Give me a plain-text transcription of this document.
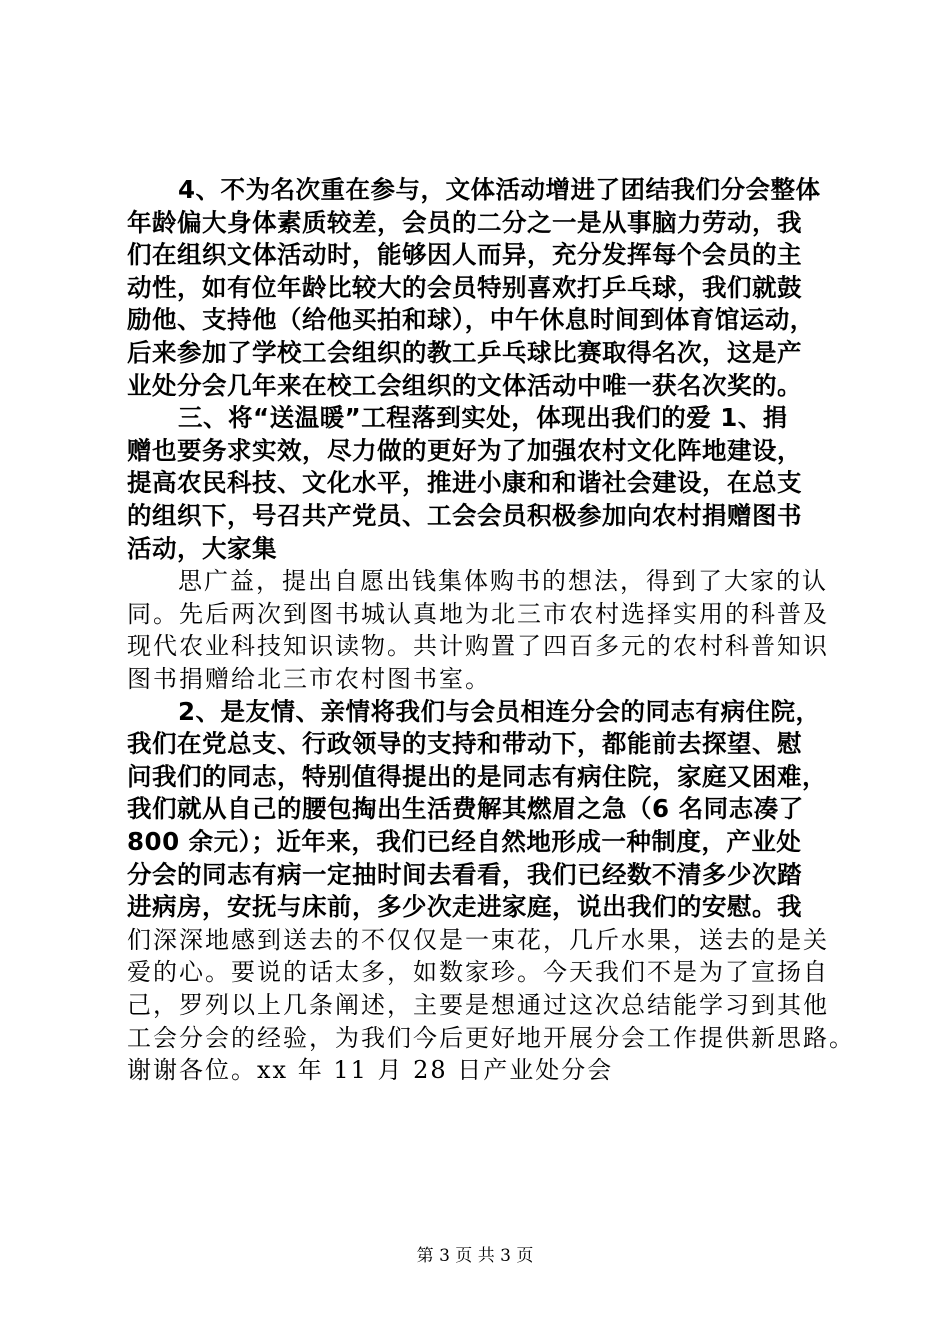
4、不为名次重在参与，文体活动增进了团结我们分会整体
年龄偏大身体素质较差，会员的二分之一是从事脑力劳动，我
们在组织文体活动时，能够因人而异，充分发挥每个会员的主
动性，如有位年龄比较大的会员特别喜欢打乒乓球，我们就鼓
励他、支持他（给他买拍和球），中午休息时间到体育馆运动，
后来参加了学校工会组织的教工乒乓球比赛取得名次，这是产
业处分会几年来在校工会组织的文体活动中唯一获名次奖的。
三、将“送温暖”工程落到实处，体现出我们的爱 1、捐
赠也要务求实效，尽力做的更好为了加强农村文化阵地建设，
提高农民科技、文化水平，推进小康和和谐社会建设，在总支
的组织下，号召共产党员、工会会员积极参加向农村捐赠图书
活动，大家集
思广益，提出自愿出钱集体购书的想法，得到了大家的认
同。先后两次到图书城认真地为北三市农村选择实用的科普及
现代农业科技知识读物。共计购置了四百多元的农村科普知识
图书捐赠给北三市农村图书室。
2、是友情、亲情将我们与会员相连分会的同志有病住院，
我们在党总支、行政领导的支持和带动下，都能前去探望、慰
问我们的同志，特别值得提出的是同志有病住院，家庭又困难，
我们就从自己的腰包掏出生活费解其燃眉之急（6 名同志凑了
800 余元）；近年来，我们已经自然地形成一种制度，产业处
分会的同志有病一定抽时间去看看，我们已经数不清多少次踏
进病房，安抚与床前，多少次走进家庭，说出我们的安慰。我
们深深地感到送去的不仅仅是一束花，几斤水果，送去的是关
爱的心。要说的话太多，如数家珍。今天我们不是为了宣扬自
己，罗列以上几条阐述，主要是想通过这次总结能学习到其他
工会分会的经验，为我们今后更好地开展分会工作提供新思路。
谢谢各位。xx 年 11 月 28 日产业处分会
第 3 页 共 3 页
